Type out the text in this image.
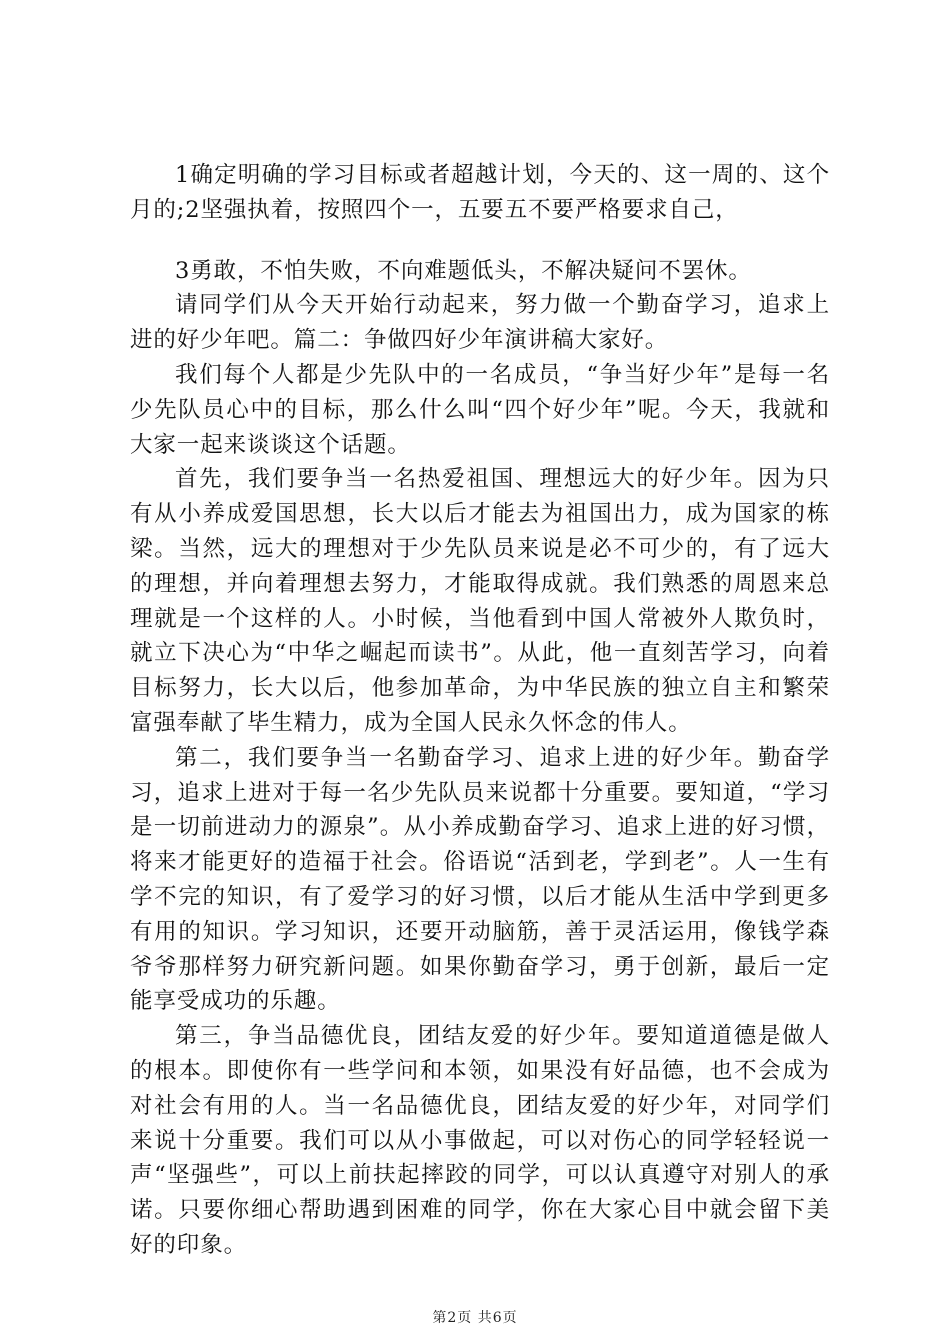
1确定明确的学习目标或者超越计划，今天的、这一周的、这个月的;2坚强执着，按照四个一，五要五不要严格要求自己，

3勇敢，不怕失败，不向难题低头，不解决疑问不罢休。

请同学们从今天开始行动起来，努力做一个勤奋学习，追求上进的好少年吧。篇二：争做四好少年演讲稿大家好。

我们每个人都是少先队中的一名成员，“争当好少年”是每一名少先队员心中的目标，那么什么叫“四个好少年”呢。今天，我就和大家一起来谈谈这个话题。

首先，我们要争当一名热爱祖国、理想远大的好少年。因为只有从小养成爱国思想，长大以后才能去为祖国出力，成为国家的栋梁。当然，远大的理想对于少先队员来说是必不可少的，有了远大的理想，并向着理想去努力，才能取得成就。我们熟悉的周恩来总理就是一个这样的人。小时候，当他看到中国人常被外人欺负时，就立下决心为“中华之崛起而读书”。从此，他一直刻苦学习，向着目标努力，长大以后，他参加革命，为中华民族的独立自主和繁荣富强奉献了毕生精力，成为全国人民永久怀念的伟人。

第二，我们要争当一名勤奋学习、追求上进的好少年。勤奋学习，追求上进对于每一名少先队员来说都十分重要。要知道，“学习是一切前进动力的源泉”。从小养成勤奋学习、追求上进的好习惯，将来才能更好的造福于社会。俗语说“活到老，学到老”。人一生有学不完的知识，有了爱学习的好习惯，以后才能从生活中学到更多有用的知识。学习知识，还要开动脑筋，善于灵活运用，像钱学森爷爷那样努力研究新问题。如果你勤奋学习，勇于创新，最后一定能享受成功的乐趣。

第三，争当品德优良，团结友爱的好少年。要知道道德是做人的根本。即使你有一些学问和本领，如果没有好品德，也不会成为对社会有用的人。当一名品德优良，团结友爱的好少年，对同学们来说十分重要。我们可以从小事做起，可以对伤心的同学轻轻说一声“坚强些”，可以上前扶起摔跤的同学，可以认真遵守对别人的承诺。只要你细心帮助遇到困难的同学，你在大家心目中就会留下美好的印象。

第2页 共6页
